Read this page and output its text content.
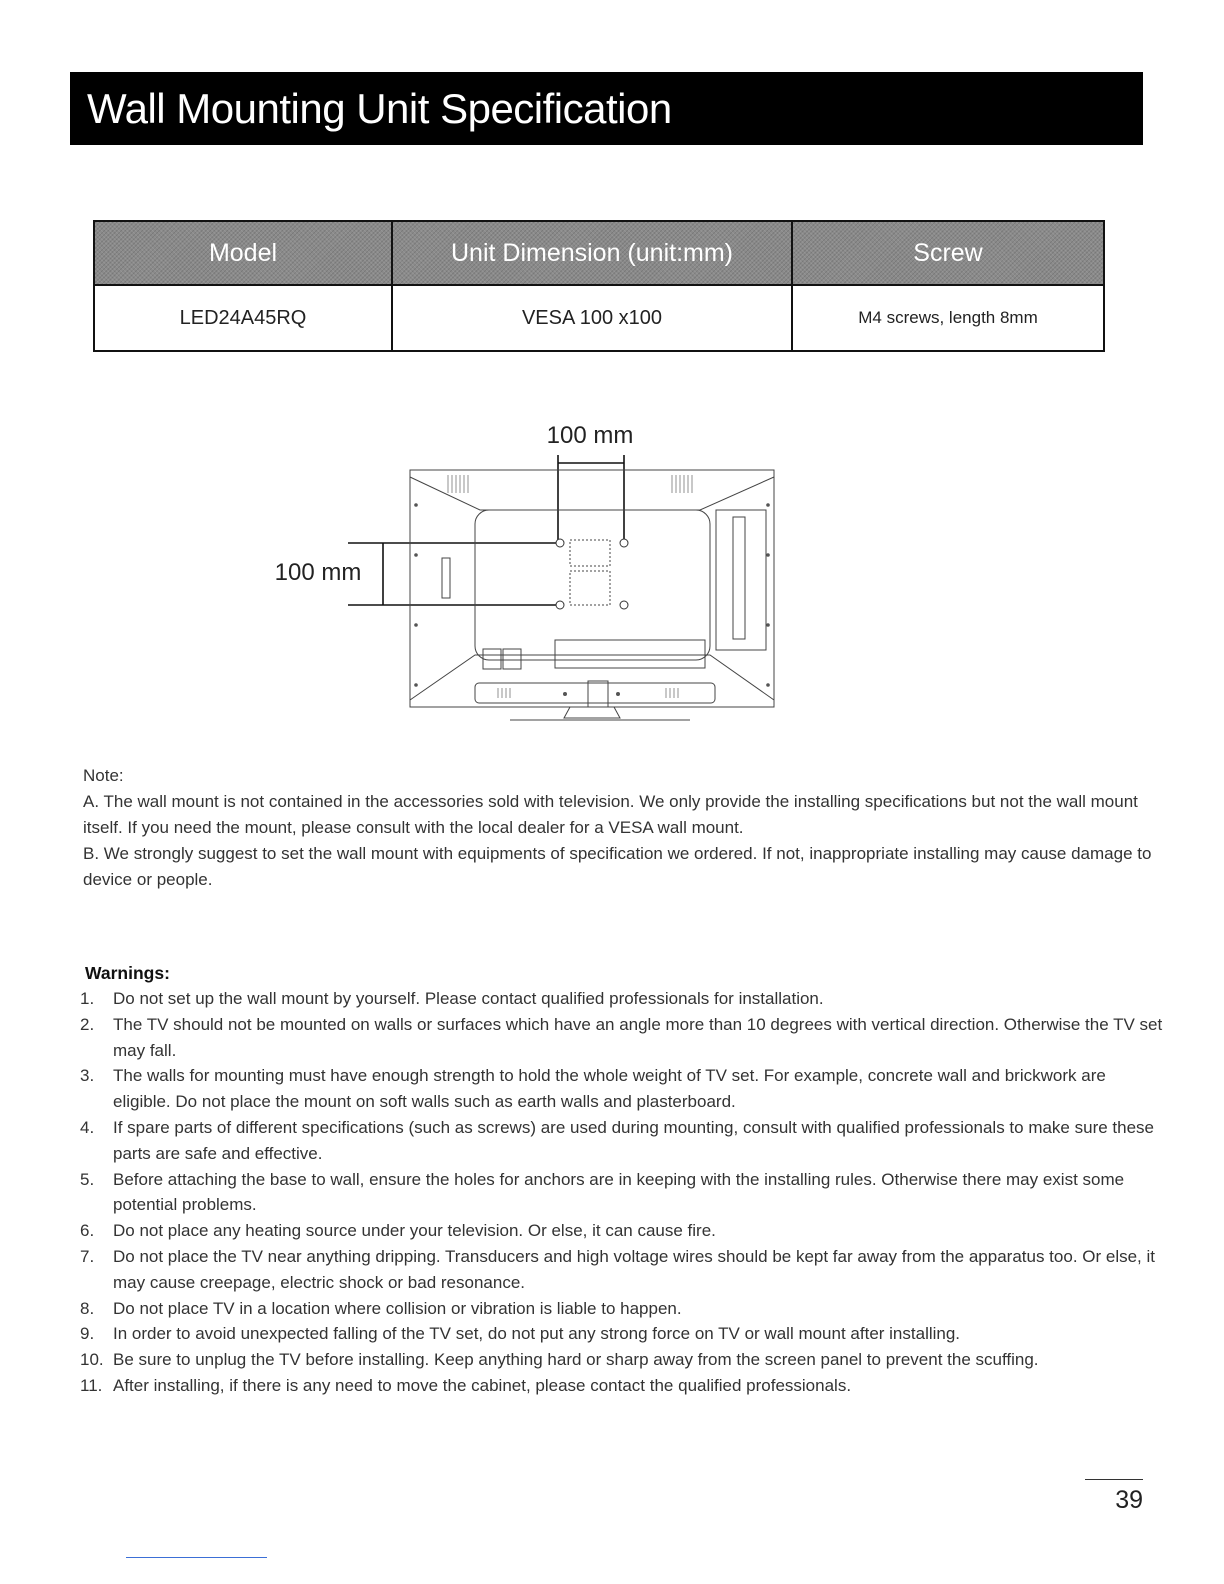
Wall Mounting Unit Specification
Model	Unit Dimension (unit:mm)	Screw
LED24A45RQ	VESA 100 x100	M4 screws, length 8mm
100 mm
100 mm

Note:

A. The wall mount is not contained in the accessories sold with television. We only provide the installing specifications but not the wall mount itself. If you need the mount, please consult with the local dealer for a VESA wall mount.

B. We strongly suggest to set the wall mount with equipments of specification we ordered. If not, inappropriate installing may cause damage to device or people.

Warnings:
1.	Do not set up the wall mount by yourself. Please contact qualified professionals for installation.
2.	The TV should not be mounted on walls or surfaces which have an angle more than 10 degrees with vertical direction. Otherwise the TV set may fall.
3.	The walls for mounting must have enough strength to hold the whole weight of TV set. For example, concrete wall and brickwork are eligible. Do not place the mount on soft walls such as earth walls and plasterboard.
4.	If spare parts of different specifications (such as screws) are used during mounting, consult with qualified professionals to make sure these parts are safe and effective.
5.	Before attaching the base to wall, ensure the holes for anchors are in keeping with the installing rules. Otherwise there may exist some potential problems.
6.	Do not place any heating source under your television. Or else, it can cause fire.
7.	Do not place the TV near anything dripping. Transducers and high voltage wires should be kept far away from the apparatus too. Or else, it may cause creepage, electric shock or bad resonance.
8.	Do not place TV in a location where collision or vibration is liable to happen.
9.	In order to avoid unexpected falling of the TV set, do not put any strong force on TV or wall mount after installing.
10. Be sure to unplug the TV before installing. Keep anything hard or sharp away from the screen panel to prevent the scuffing.
11. After installing, if there is any need to move the cabinet, please contact the qualified professionals.
39
